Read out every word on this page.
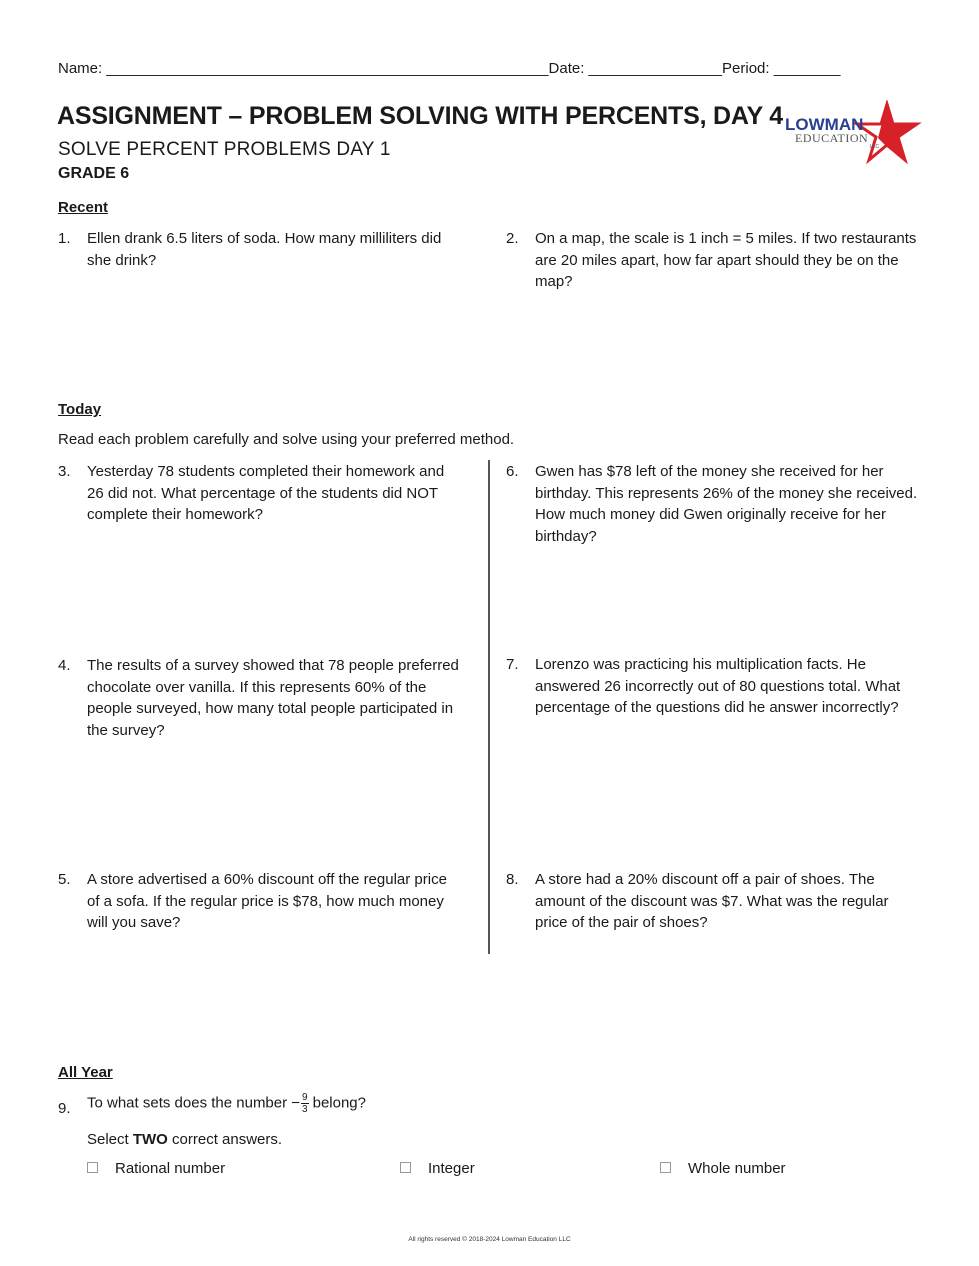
Name: _____________________________________________________Date: ________________Period: ________
ASSIGNMENT – PROBLEM SOLVING WITH PERCENTS, DAY 4
SOLVE PERCENT PROBLEMS DAY 1
GRADE 6
LOWMAN
EDUCATION
LLC
Recent
1.	Ellen drank 6.5 liters of soda. How many milliliters did she drink?
2.	On a map, the scale is 1 inch = 5 miles. If two restaurants are 20 miles apart, how far apart should they be on the map?
Today
Read each problem carefully and solve using your preferred method.
3.	Yesterday 78 students completed their homework and 26 did not. What percentage of the students did NOT complete their homework?
4.	The results of a survey showed that 78 people preferred chocolate over vanilla. If this represents 60% of the people surveyed, how many total people participated in the survey?
5.	A store advertised a 60% discount off the regular price of a sofa. If the regular price is $78, how much money will you save?
6.	Gwen has $78 left of the money she received for her birthday. This represents 26% of the money she received. How much money did Gwen originally receive for her birthday?
7.	Lorenzo was practicing his multiplication facts. He answered 26 incorrectly out of 80 questions total. What percentage of the questions did he answer incorrectly?
8.	A store had a 20% discount off a pair of shoes. The amount of the discount was $7. What was the regular price of the pair of shoes?
All Year
9.	To what sets does the number − $\frac{9}{3}$ belong?
Select TWO correct answers.
Rational number	Integer	Whole number
All rights reserved © 2018-2024 Lowman Education LLC
